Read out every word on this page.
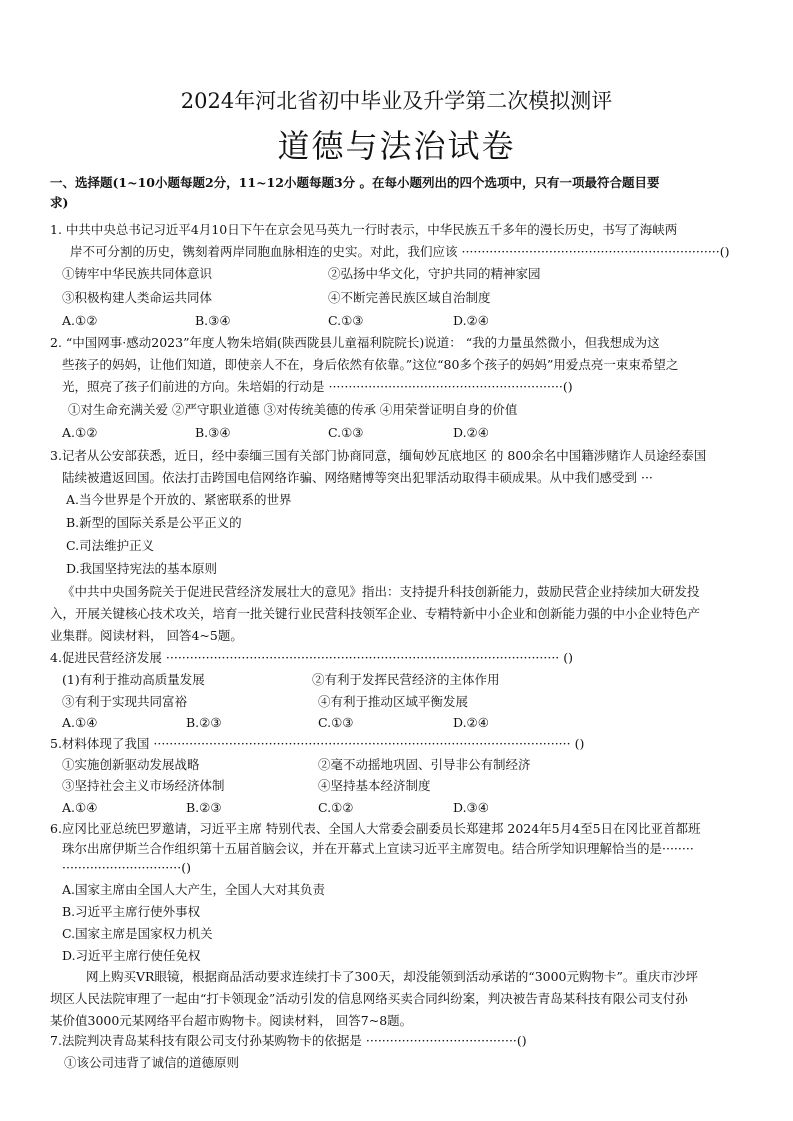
2024年河北省初中毕业及升学第二次模拟测评
道德与法治试卷
一、选择题(1~10小题每题2分，11~12小题每题3分 。在每小题列出的四个选项中，只有一项最符合题目要
求)
1. 中共中央总书记习近平4月10日下午在京会见马英九一行时表示，中华民族五千多年的漫长历史，书写了海峡两
岸不可分割的历史，镌刻着两岸同胞血脉相连的史实。对此，我们应该 ·································································()
①铸牢中华民族共同体意识	②弘扬中华文化，守护共同的精神家园
③积极构建人类命运共同体	④不断完善民族区域自治制度
A.①②	B.③④	C.①③	D.②④
2. “中国网事·感动2023”年度人物朱培娟(陕西陇县儿童福利院院长)说道： “我的力量虽然微小，但我想成为这
些孩子的妈妈，让他们知道，即使亲人不在，身后依然有依靠。”这位“80多个孩子的妈妈”用爱点亮一束束希望之
光，照亮了孩子们前进的方向。朱培娟的行动是 ···························································()
①对生命充满关爱 ②严守职业道德 ③对传统美德的传承 ④用荣誉证明自身的价值
A.①②	B.③④	C.①③	D.②④
3.记者从公安部获悉，近日，经中泰缅三国有关部门协商同意，缅甸妙瓦底地区 的 800余名中国籍涉赌诈人员途经泰国
陆续被遣返回国。依法打击跨国电信网络诈骗、网络赌博等突出犯罪活动取得丰硕成果。从中我们感受到 ···
A.当今世界是个开放的、紧密联系的世界
B.新型的国际关系是公平正义的
C.司法维护正义
D.我国坚持宪法的基本原则
《中共中央国务院关于促进民营经济发展壮大的意见》指出：支持提升科技创新能力，鼓励民营企业持续加大研发投
入，开展关键核心技术攻关，培育一批关键行业民营科技领军企业、专精特新中小企业和创新能力强的中小企业特色产
业集群。阅读材料， 回答4~5题。
4.促进民营经济发展 ··································································································· ()
(1)有利于推动高质量发展	②有利于发挥民营经济的主体作用
③有利于实现共同富裕	④有利于推动区域平衡发展
A.①④	B.②③	C.①③	D.②④
5.材料体现了我国 ········································································································· ()
①实施创新驱动发展战略	②毫不动摇地巩固、引导非公有制经济
③坚持社会主义市场经济体制	④坚持基本经济制度
A.①④	B.②③	C.①②	D.③④
6.应冈比亚总统巴罗邀请，习近平主席 特别代表、全国人大常委会副委员长郑建邦 2024年5月4至5日在冈比亚首都班
珠尔出席伊斯兰合作组织第十五届首脑会议，并在开幕式上宣读习近平主席贺电。结合所学知识理解恰当的是········
······························()
A.国家主席由全国人大产生，全国人大对其负责
B.习近平主席行使外事权
C.国家主席是国家权力机关
D.习近平主席行使任免权
网上购买VR眼镜，根据商品活动要求连续打卡了300天，却没能领到活动承诺的“3000元购物卡”。重庆市沙坪
坝区人民法院审理了一起由“打卡领现金”活动引发的信息网络买卖合同纠纷案，判决被告青岛某科技有限公司支付孙
某价值3000元某网络平台超市购物卡。阅读材料， 回答7~8题。
7.法院判决青岛某科技有限公司支付孙某购物卡的依据是 ······································()
①该公司违背了诚信的道德原则
